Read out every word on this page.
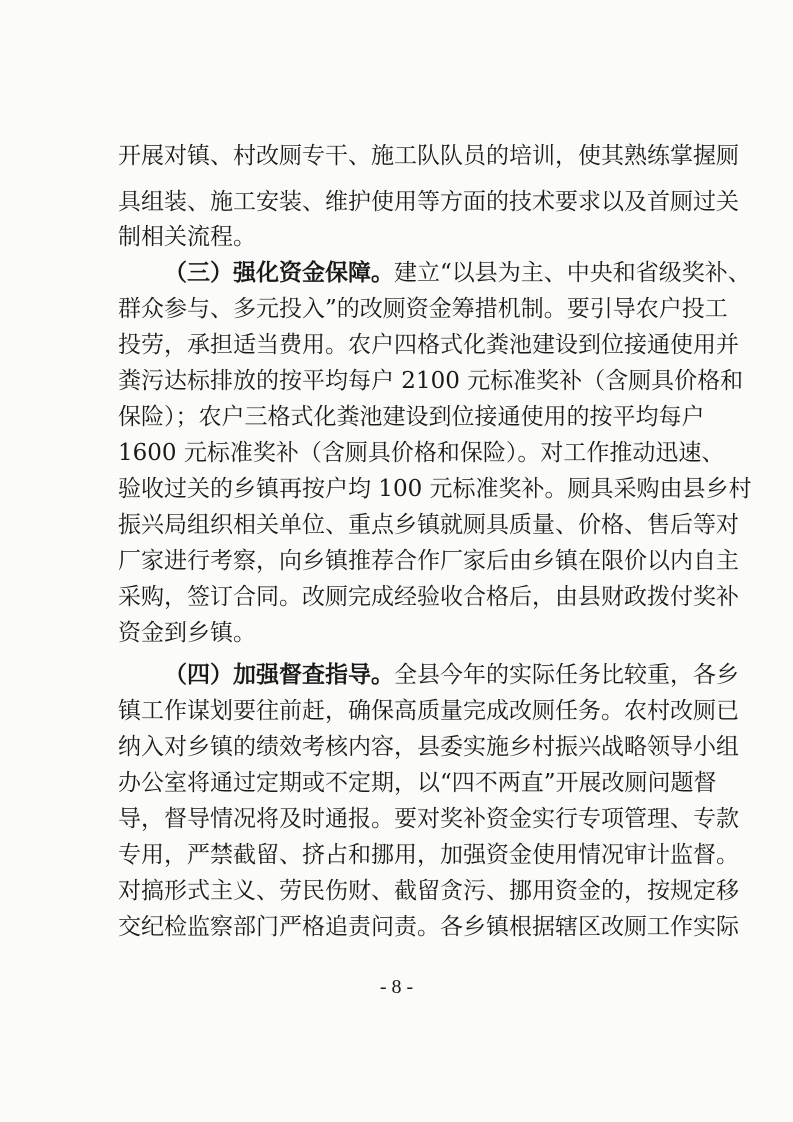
开展对镇、村改厕专干、施工队队员的培训，使其熟练掌握厕
具组装、施工安装、维护使用等方面的技术要求以及首厕过关
制相关流程。
（三）强化资金保障。建立“以县为主、中央和省级奖补、
群众参与、多元投入”的改厕资金筹措机制。要引导农户投工
投劳，承担适当费用。农户四格式化粪池建设到位接通使用并
粪污达标排放的按平均每户 2100 元标准奖补（含厕具价格和
保险）；农户三格式化粪池建设到位接通使用的按平均每户
1600 元标准奖补（含厕具价格和保险）。对工作推动迅速、
验收过关的乡镇再按户均 100 元标准奖补。厕具采购由县乡村
振兴局组织相关单位、重点乡镇就厕具质量、价格、售后等对
厂家进行考察，向乡镇推荐合作厂家后由乡镇在限价以内自主
采购，签订合同。改厕完成经验收合格后，由县财政拨付奖补
资金到乡镇。
（四）加强督查指导。全县今年的实际任务比较重，各乡
镇工作谋划要往前赶，确保高质量完成改厕任务。农村改厕已
纳入对乡镇的绩效考核内容，县委实施乡村振兴战略领导小组
办公室将通过定期或不定期，以“四不两直”开展改厕问题督
导，督导情况将及时通报。要对奖补资金实行专项管理、专款
专用，严禁截留、挤占和挪用，加强资金使用情况审计监督。
对搞形式主义、劳民伤财、截留贪污、挪用资金的，按规定移
交纪检监察部门严格追责问责。各乡镇根据辖区改厕工作实际
- 8 -
